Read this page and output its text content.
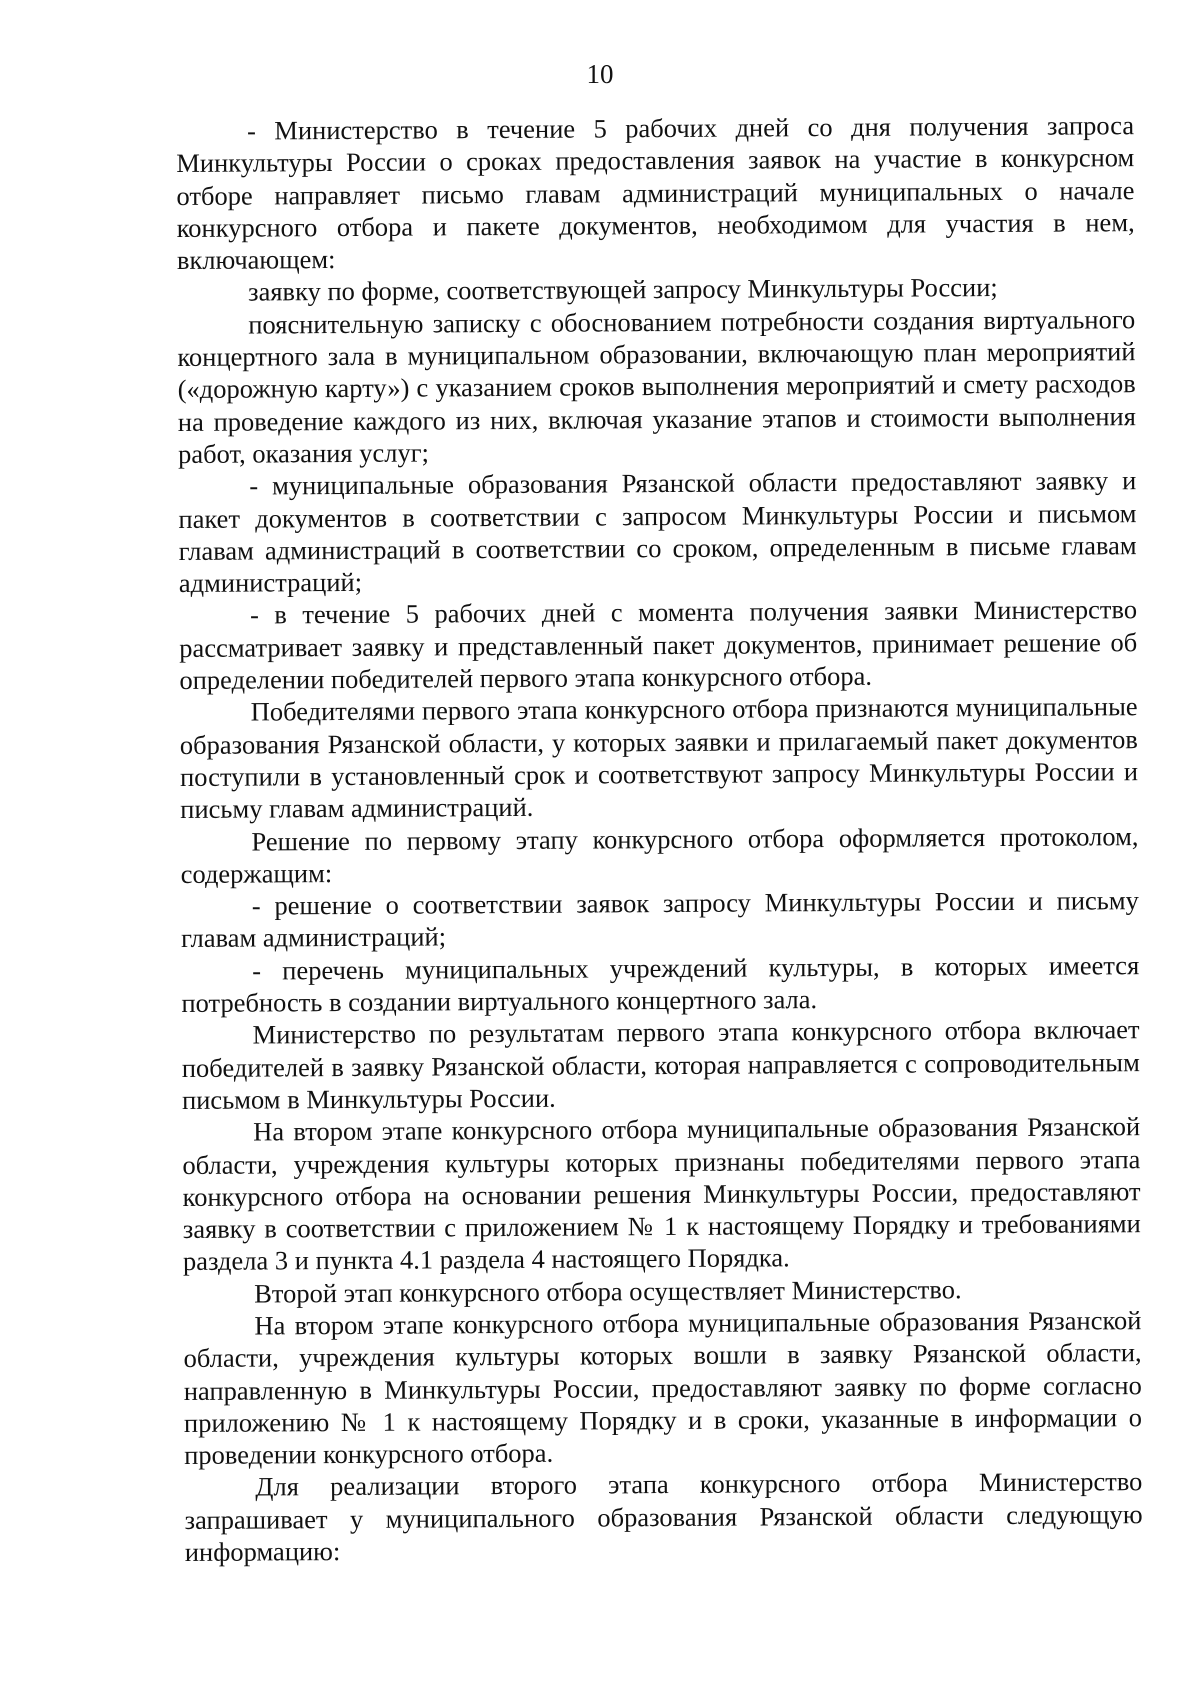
10

- Министерство в течение 5 рабочих дней со дня получения запроса Минкультуры России о сроках предоставления заявок на участие в конкурсном отборе направляет письмо главам администраций муниципальных о начале конкурсного отбора и пакете документов, необходимом для участия в нем, включающем:

заявку по форме, соответствующей запросу Минкультуры России;

пояснительную записку с обоснованием потребности создания виртуального концертного зала в муниципальном образовании, включающую план мероприятий («дорожную карту») с указанием сроков выполнения мероприятий и смету расходов на проведение каждого из них, включая указание этапов и стоимости выполнения работ, оказания услуг;

- муниципальные образования Рязанской области предоставляют заявку и пакет документов в соответствии с запросом Минкультуры России и письмом главам администраций в соответствии со сроком, определенным в письме главам администраций;

- в течение 5 рабочих дней с момента получения заявки Министерство рассматривает заявку и представленный пакет документов, принимает решение об определении победителей первого этапа конкурсного отбора.

Победителями первого этапа конкурсного отбора признаются муниципальные образования Рязанской области, у которых заявки и прилагаемый пакет документов поступили в установленный срок и соответствуют запросу Минкультуры России и письму главам администраций.

Решение по первому этапу конкурсного отбора оформляется протоколом, содержащим:

- решение о соответствии заявок запросу Минкультуры России и письму главам администраций;

- перечень муниципальных учреждений культуры, в которых имеется потребность в создании виртуального концертного зала.

Министерство по результатам первого этапа конкурсного отбора включает победителей в заявку Рязанской области, которая направляется с сопроводительным письмом в Минкультуры России.

На втором этапе конкурсного отбора муниципальные образования Рязанской области, учреждения культуры которых признаны победителями первого этапа конкурсного отбора на основании решения Минкультуры России, предоставляют заявку в соответствии с приложением № 1 к настоящему Порядку и требованиями раздела 3 и пункта 4.1 раздела 4 настоящего Порядка.

Второй этап конкурсного отбора осуществляет Министерство.

На втором этапе конкурсного отбора муниципальные образования Рязанской области, учреждения культуры которых вошли в заявку Рязанской области, направленную в Минкультуры России, предоставляют заявку по форме согласно приложению № 1 к настоящему Порядку и в сроки, указанные в информации о проведении конкурсного отбора.

Для реализации второго этапа конкурсного отбора Министерство запрашивает у муниципального образования Рязанской области следующую информацию:
